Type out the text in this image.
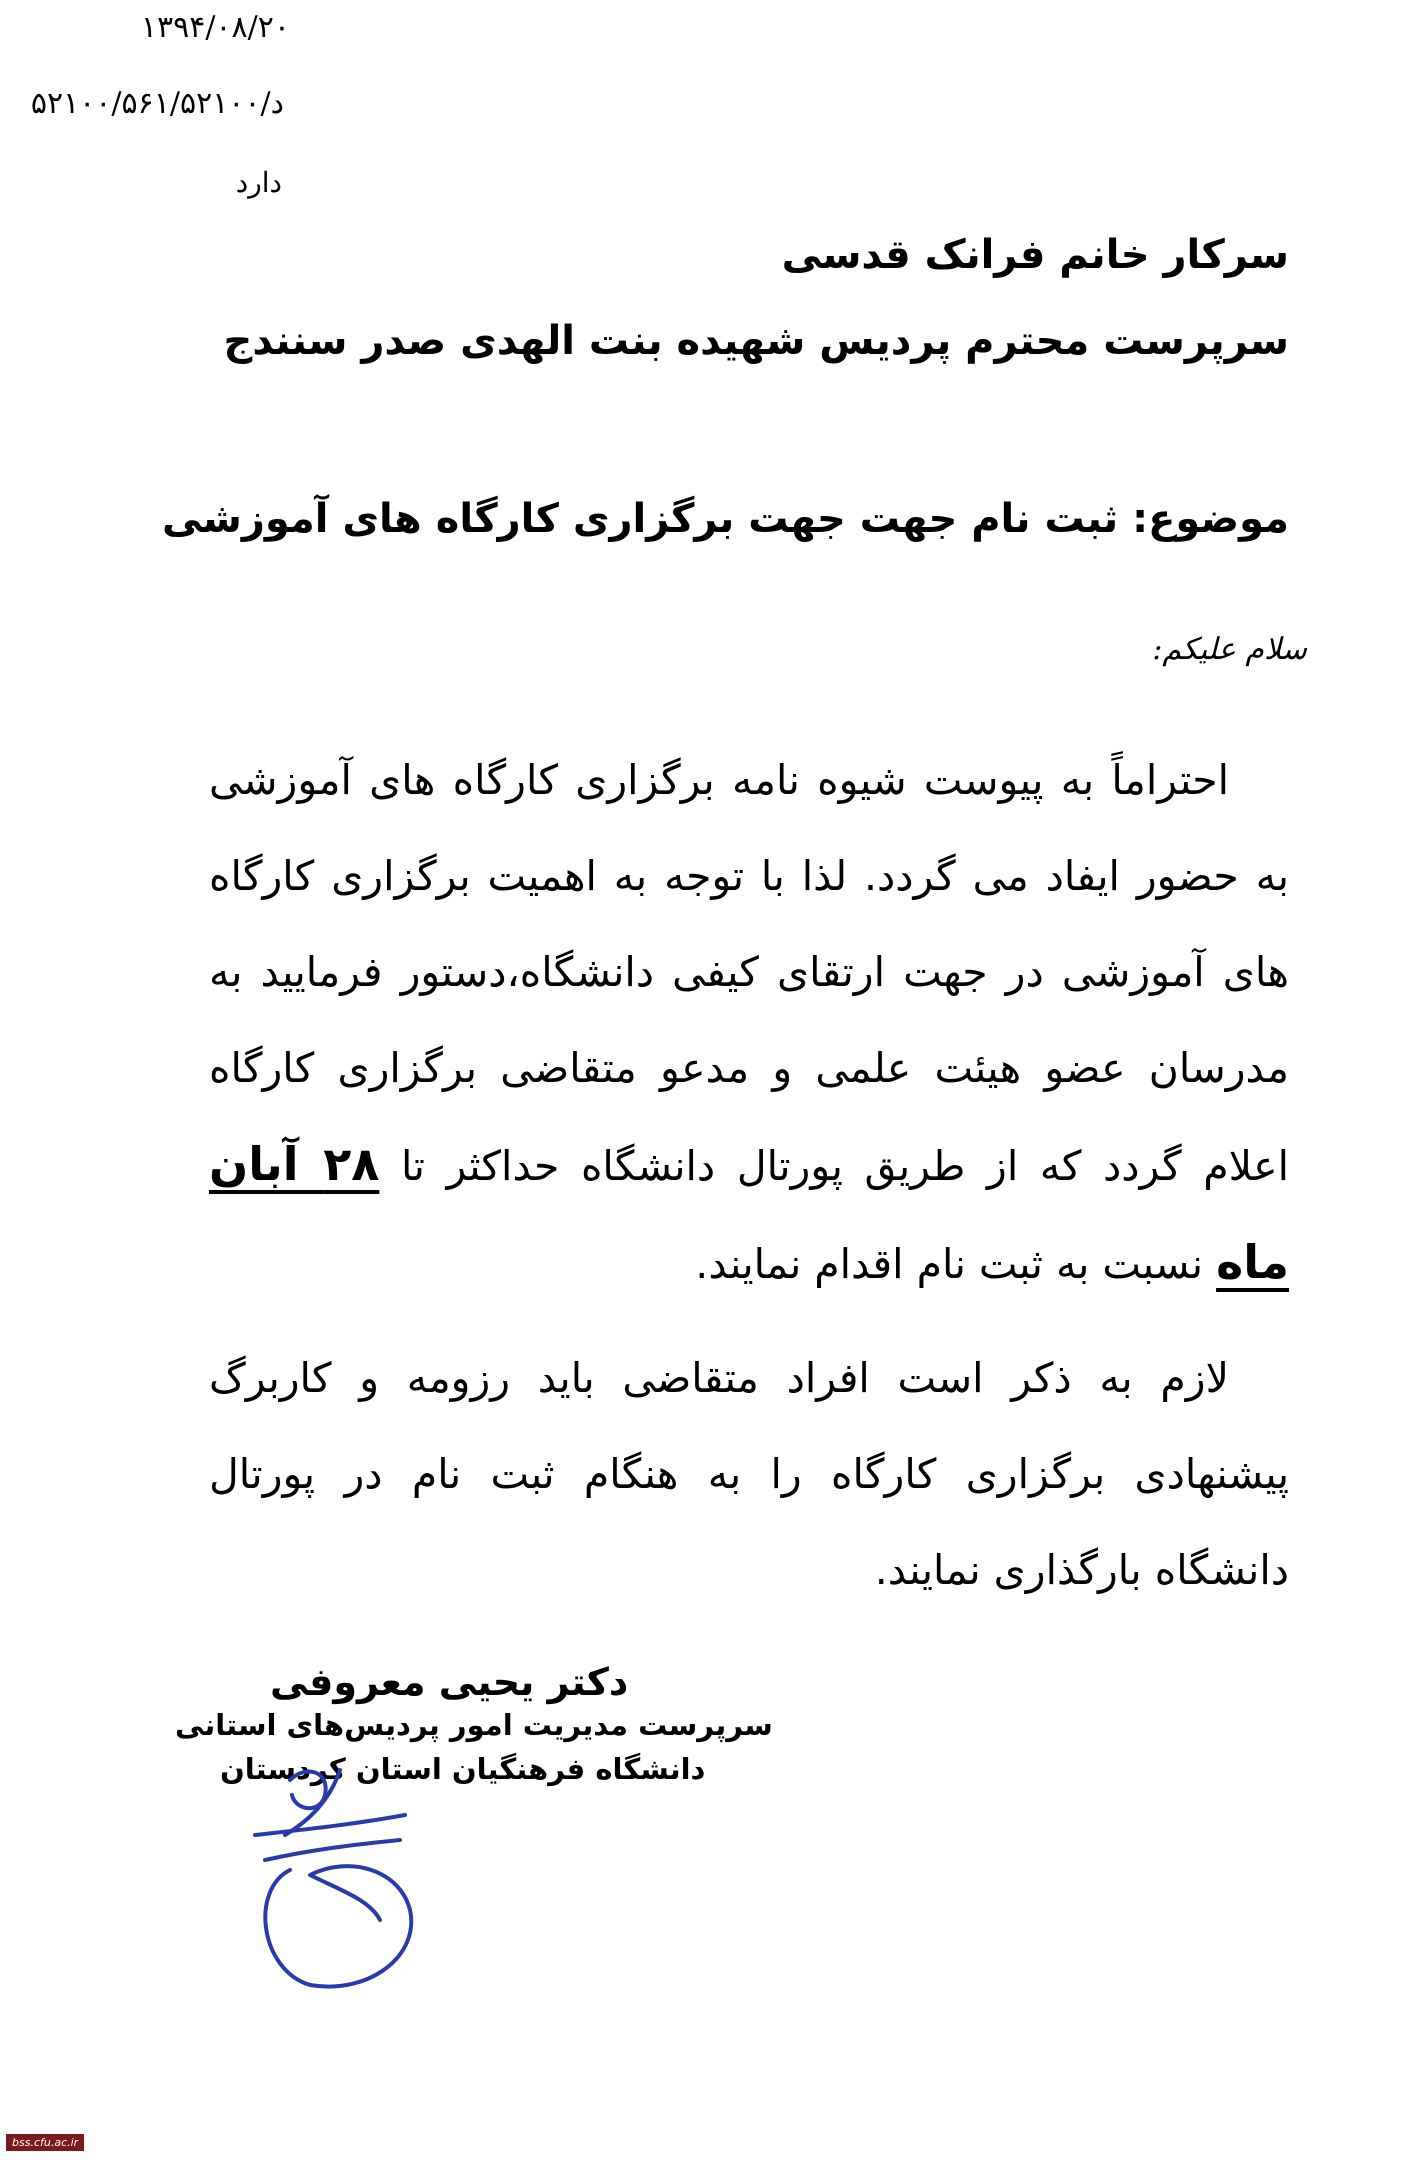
۱۳۹۴/۰۸/۲۰
۵۲۱۰۰/۵۶۱/۵۲۱۰۰/د
دارد
سرکار خانم فرانک قدسی
سرپرست محترم پردیس شهیده بنت الهدی صدر سنندج
موضوع: ثبت نام جهت جهت برگزاری کارگاه های آموزشی
سلام علیکم:
احتراماً به پیوست شیوه نامه برگزاری کارگاه های آموزشی به حضور ایفاد می گردد. لذا با توجه به اهمیت برگزاری کارگاه های آموزشی در جهت ارتقای کیفی دانشگاه،دستور فرمایید به مدرسان عضو هیئت علمی و مدعو متقاضی برگزاری کارگاه اعلام گردد که از طریق پورتال دانشگاه حداکثر تا ۲۸ آبان ماه نسبت به ثبت نام اقدام نمایند.
لازم به ذکر است افراد متقاضی باید رزومه و کاربرگ پیشنهادی برگزاری کارگاه را به هنگام ثبت نام در پورتال دانشگاه بارگذاری نمایند.
دکتر یحیی معروفی
سرپرست مدیریت امور پردیس‌های استانی
دانشگاه فرهنگیان استان کردستان
bss.cfu.ac.ir
